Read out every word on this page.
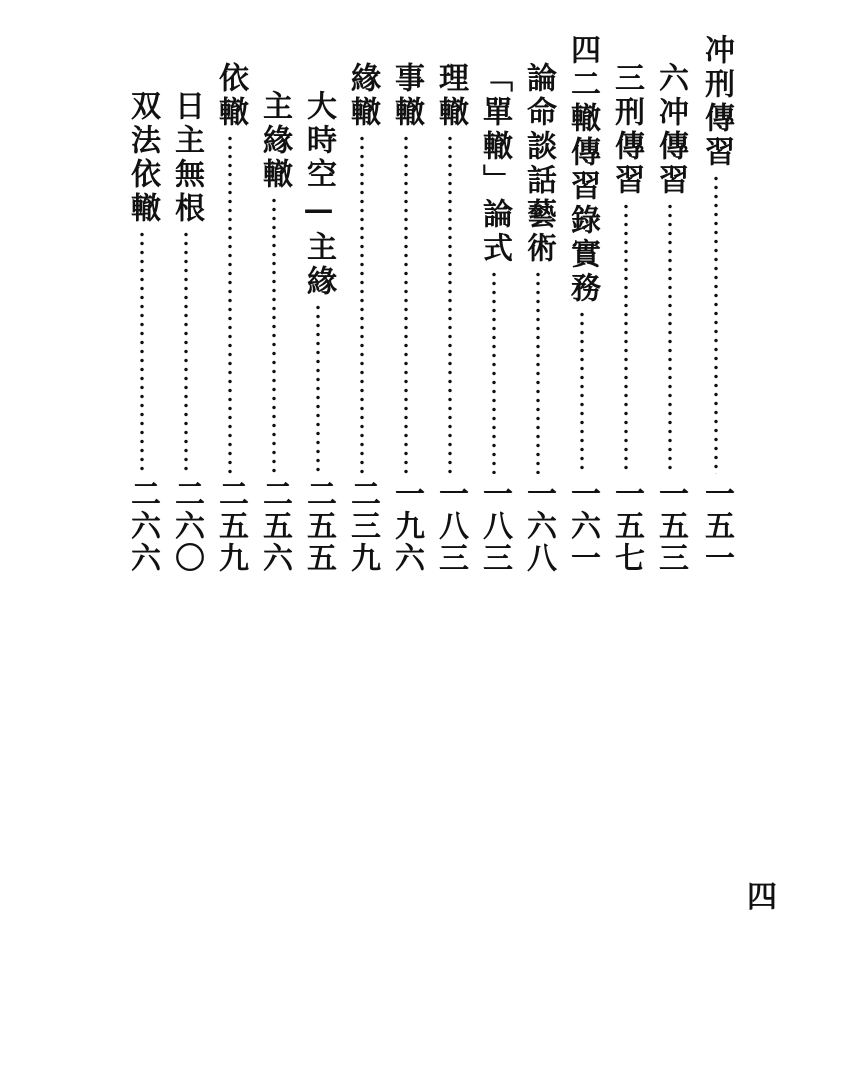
冲刑傳習
一五一
六冲傳習
一五三
三刑傳習
一五七
四二轍傳習錄實務
一六一
論命談話藝術
一六八
「單轍」論式
一八三
理轍
一八三
事轍
一九六
緣轍
二三九
大時空—主緣
二五五
主緣轍
二五六
依轍
二五九
日主無根
二六〇
双法依轍
二六六
四
